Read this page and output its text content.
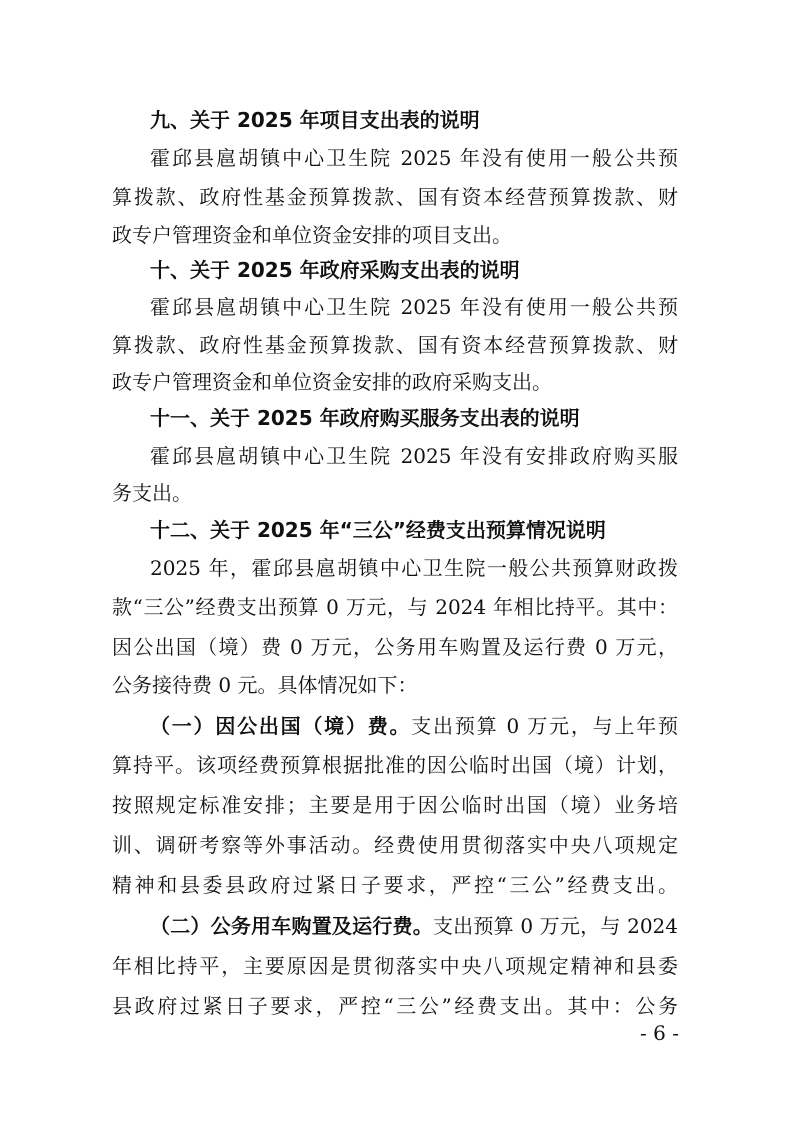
九、关于 2025 年项目支出表的说明
霍邱县扈胡镇中心卫生院 2025 年没有使用一般公共预
算拨款、政府性基金预算拨款、国有资本经营预算拨款、财
政专户管理资金和单位资金安排的项目支出。
十、关于 2025 年政府采购支出表的说明
霍邱县扈胡镇中心卫生院 2025 年没有使用一般公共预
算拨款、政府性基金预算拨款、国有资本经营预算拨款、财
政专户管理资金和单位资金安排的政府采购支出。
十一、关于 2025 年政府购买服务支出表的说明
霍邱县扈胡镇中心卫生院 2025 年没有安排政府购买服
务支出。
十二、关于 2025 年“三公”经费支出预算情况说明
2025 年，霍邱县扈胡镇中心卫生院一般公共预算财政拨
款“三公”经费支出预算 0 万元，与 2024 年相比持平。其中：
因公出国（境）费 0 万元，公务用车购置及运行费 0 万元，
公务接待费 0 元。具体情况如下：
（一）因公出国（境）费。支出预算 0 万元，与上年预
算持平。该项经费预算根据批准的因公临时出国（境）计划，
按照规定标准安排；主要是用于因公临时出国（境）业务培
训、调研考察等外事活动。经费使用贯彻落实中央八项规定
精神和县委县政府过紧日子要求，严控“三公”经费支出。
（二）公务用车购置及运行费。支出预算 0 万元，与 2024
年相比持平，主要原因是贯彻落实中央八项规定精神和县委
县政府过紧日子要求，严控“三公”经费支出。其中：公务
- 6 -
